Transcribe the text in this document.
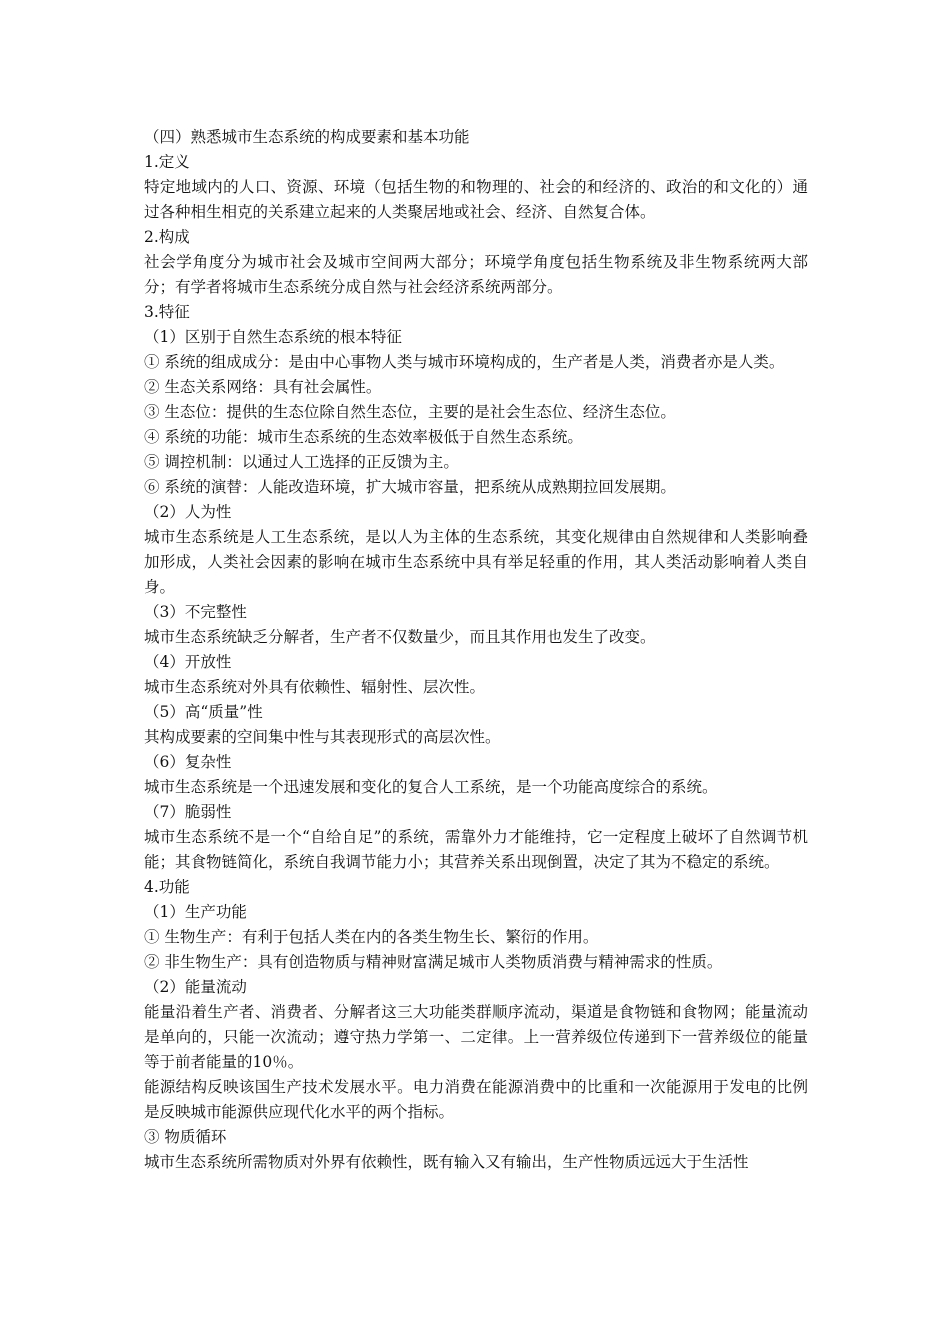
（四）熟悉城市生态系统的构成要素和基本功能

1.定义

特定地域内的人口、资源、环境（包括生物的和物理的、社会的和经济的、政治的和文化的）通过各种相生相克的关系建立起来的人类聚居地或社会、经济、自然复合体。

2.构成

社会学角度分为城市社会及城市空间两大部分；环境学角度包括生物系统及非生物系统两大部分；有学者将城市生态系统分成自然与社会经济系统两部分。

3.特征

（1）区别于自然生态系统的根本特征

① 系统的组成成分：是由中心事物人类与城市环境构成的，生产者是人类，消费者亦是人类。

② 生态关系网络：具有社会属性。

③ 生态位：提供的生态位除自然生态位，主要的是社会生态位、经济生态位。

④ 系统的功能：城市生态系统的生态效率极低于自然生态系统。

⑤ 调控机制：以通过人工选择的正反馈为主。

⑥ 系统的演替：人能改造环境，扩大城市容量，把系统从成熟期拉回发展期。

（2）人为性

城市生态系统是人工生态系统，是以人为主体的生态系统，其变化规律由自然规律和人类影响叠加形成，人类社会因素的影响在城市生态系统中具有举足轻重的作用，其人类活动影响着人类自身。

（3）不完整性

城市生态系统缺乏分解者，生产者不仅数量少，而且其作用也发生了改变。

（4）开放性

城市生态系统对外具有依赖性、辐射性、层次性。

（5）高“质量”性

其构成要素的空间集中性与其表现形式的高层次性。

（6）复杂性

城市生态系统是一个迅速发展和变化的复合人工系统，是一个功能高度综合的系统。

（7）脆弱性

城市生态系统不是一个“自给自足”的系统，需靠外力才能维持，它一定程度上破坏了自然调节机能；其食物链简化，系统自我调节能力小；其营养关系出现倒置，决定了其为不稳定的系统。

4.功能

（1）生产功能

① 生物生产：有利于包括人类在内的各类生物生长、繁衍的作用。

② 非生物生产：具有创造物质与精神财富满足城市人类物质消费与精神需求的性质。

（2）能量流动

能量沿着生产者、消费者、分解者这三大功能类群顺序流动，渠道是食物链和食物网；能量流动是单向的，只能一次流动；遵守热力学第一、二定律。上一营养级位传递到下一营养级位的能量等于前者能量的10％。

能源结构反映该国生产技术发展水平。电力消费在能源消费中的比重和一次能源用于发电的比例是反映城市能源供应现代化水平的两个指标。

③ 物质循环

城市生态系统所需物质对外界有依赖性，既有输入又有输出，生产性物质远远大于生活性
